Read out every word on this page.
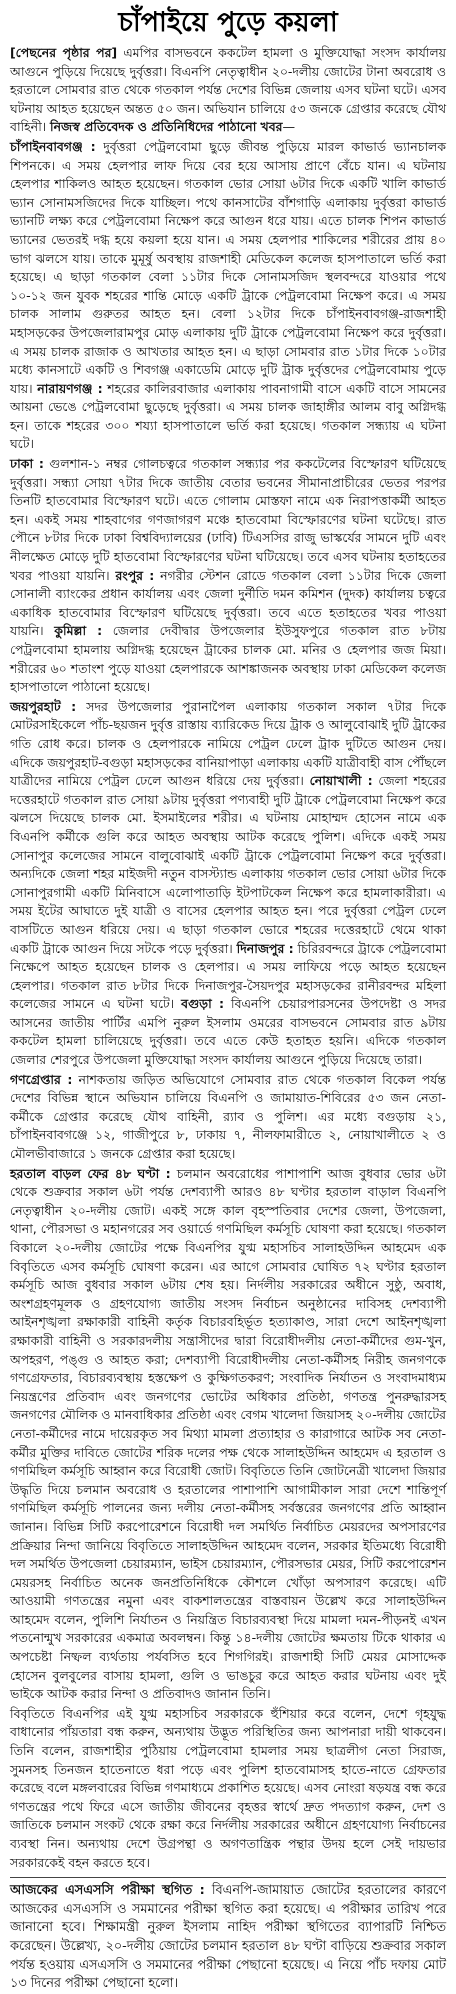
চাঁপাইয়ে পুড়ে কয়লা

[পেছনের পৃষ্ঠার পর] এমপির বাসভবনে ককটেল হামলা ও মুক্তিযোদ্ধা সংসদ কার্যালয় আগুনে পুড়িয়ে দিয়েছে দুর্বৃত্তরা। বিএনপি নেতৃত্বাধীন ২০-দলীয় জোটের টানা অবরোধ ও হরতালে সোমবার রাত থেকে গতকাল পর্যন্ত দেশের বিভিন্ন জেলায় এসব ঘটনা ঘটে। এসব ঘটনায় আহত হয়েছেন অন্তত ৫০ জন। অভিযান চালিয়ে ৫৩ জনকে গ্রেপ্তার করেছে যৌথ বাহিনী। নিজস্ব প্রতিবেদক ও প্রতিনিধিদের পাঠানো খবর—

চাঁপাইনবাবগঞ্জ : দুর্বৃত্তরা পেট্রলবোমা ছুড়ে জীবন্ত পুড়িয়ে মারল কাভার্ড ভ্যানচালক শিপনকে। এ সময় হেলপার লাফ দিয়ে বের হয়ে আসায় প্রাণে বেঁচে যান। এ ঘটনায় হেলপার শাকিলও আহত হয়েছেন। গতকাল ভোর সোয়া ৬টার দিকে একটি খালি কাভার্ড ভ্যান সোনামসজিদের দিকে যাচ্ছিল। পথে কানসাটের বাঁশগাড়ি এলাকায় দুর্বৃত্তরা কাভার্ড ভ্যানটি লক্ষ্য করে পেট্রলবোমা নিক্ষেপ করে আগুন ধরে যায়। এতে চালক শিপন কাভার্ড ভ্যানের ভেতরই দগ্ধ হয়ে কয়লা হয়ে যান। এ সময় হেলপার শাকিলের শরীরের প্রায় ৪০ ভাগ ঝলসে যায়। তাকে মুমূর্ষু অবস্থায় রাজশাহী মেডিকেল কলেজ হাসপাতালে ভর্তি করা হয়েছে। এ ছাড়া গতকাল বেলা ১১টার দিকে সোনামসজিদ স্থলবন্দরে যাওয়ার পথে ১০-১২ জন যুবক শহরের শান্তি মোড়ে একটি ট্রাকে পেট্রলবোমা নিক্ষেপ করে। এ সময় চালক সালাম গুরুতর আহত হন। বেলা ১২টার দিকে চাঁপাইনবাবগঞ্জ-রাজশাহী মহাসড়কের উপজেলারামপুর মোড় এলাকায় দুটি ট্রাকে পেট্রলবোমা নিক্ষেপ করে দুর্বৃত্তরা। এ সময় চালক রাজাক ও আখতার আহত হন। এ ছাড়া সোমবার রাত ১টার দিকে ১০টার মধ্যে কানসাটে একটি ও শিবগঞ্জ একাডেমি মোড়ে দুটি ট্রাক দুর্বৃত্তদের পেট্রলবোমায় পুড়ে যায়। নারায়ণগঞ্জ : শহরের কালিরবাজার এলাকায় পাবনাগামী বাসে একটি বাসে সামনের আয়না ভেঙে পেট্রলবোমা ছুড়েছে দুর্বৃত্তরা। এ সময় চালক জাহাঙ্গীর আলম বাবু অগ্নিদগ্ধ হন। তাকে শহরের ৩০০ শয্যা হাসপাতালে ভর্তি করা হয়েছে। গতকাল সন্ধ্যায় এ ঘটনা ঘটে।

ঢাকা : গুলশান-১ নম্বর গোলচত্বরে গতকাল সন্ধ্যার পর ককটেলের বিস্ফোরণ ঘটিয়েছে দুর্বৃত্তরা। সন্ধ্যা সোয়া ৭টার দিকে জাতীয় বেতার ভবনের সীমানাপ্রাচীরের ভেতর পরপর তিনটি হাতবোমার বিস্ফোরণ ঘটে। এতে গোলাম মোস্তফা নামে এক নিরাপত্তাকর্মী আহত হন। একই সময় শাহবাগের গণজাগরণ মঞ্চে হাতবোমা বিস্ফোরণের ঘটনা ঘটেছে। রাত পৌনে ৮টার দিকে ঢাকা বিশ্ববিদ্যালয়ের (ঢাবি) টিএসসির রাজু ভাস্কর্যের সামনে দুটি এবং নীলক্ষেত মোড়ে দুটি হাতবোমা বিস্ফোরণের ঘটনা ঘটিয়েছে। তবে এসব ঘটনায় হতাহতের খবর পাওয়া যায়নি। রংপুর : নগরীর স্টেশন রোডে গতকাল বেলা ১১টার দিকে জেলা সোনালী ব্যাংকের প্রধান কার্যালয় এবং জেলা দুর্নীতি দমন কমিশন (দুদক) কার্যালয় চত্বরে একাধিক হাতবোমার বিস্ফোরণ ঘটিয়েছে দুর্বৃত্তরা। তবে এতে হতাহতের খবর পাওয়া যায়নি। কুমিল্লা : জেলার দেবীদ্বার উপজেলার ইউসুফপুরে গতকাল রাত ৮টায় পেট্রলবোমা হামলায় অগ্নিদগ্ধ হয়েছেন ট্রাকের চালক মো. মনির ও হেলপার জজ মিয়া। শরীরের ৬০ শতাংশ পুড়ে যাওয়া হেলপারকে আশঙ্কাজনক অবস্থায় ঢাকা মেডিকেল কলেজ হাসপাতালে পাঠানো হয়েছে।

জয়পুরহাট : সদর উপজেলার পুরানাপৈল এলাকায় গতকাল সকাল ৭টার দিকে মোটরসাইকেলে পাঁচ-ছয়জন দুর্বৃত্ত রাস্তায় ব্যারিকেড দিয়ে ট্রাক ও আলুবোঝাই দুটি ট্রাকের গতি রোধ করে। চালক ও হেলপারকে নামিয়ে পেট্রল ঢেলে ট্রাক দুটিতে আগুন দেয়। এদিকে জয়পুরহাট-বগুড়া মহাসড়কের বানিয়াপাড়া এলাকায় একটি যাত্রীবাহী বাস পৌঁছলে যাত্রীদের নামিয়ে পেট্রল ঢেলে আগুন ধরিয়ে দেয় দুর্বৃত্তরা। নোয়াখালী : জেলা শহরের দত্তেরহাটে গতকাল রাত সোয়া ৯টায় দুর্বৃত্তরা পণ্যবাহী দুটি ট্রাকে পেট্রলবোমা নিক্ষেপ করে ঝলসে দিয়েছে চালক মো. ইসমাইলের শরীর। এ ঘটনায় মোহাম্মদ হোসেন নামে এক বিএনপি কর্মীকে গুলি করে আহত অবস্থায় আটক করেছে পুলিশ। এদিকে একই সময় সোনাপুর কলেজের সামনে বালুবোঝাই একটি ট্রাকে পেট্রলবোমা নিক্ষেপ করে দুর্বৃত্তরা। অন্যদিকে জেলা শহর মাইজদী নতুন বাসস্ট্যান্ড এলাকায় গতকাল ভোর সোয়া ৬টার দিকে সোনাপুরগামী একটি মিনিবাসে এলোপাতাড়ি ইটপাটকেল নিক্ষেপ করে হামলাকারীরা। এ সময় ইটের আঘাতে দুই যাত্রী ও বাসের হেলপার আহত হন। পরে দুর্বৃত্তরা পেট্রল ঢেলে বাসটিতে আগুন ধরিয়ে দেয়। এ ছাড়া গতকাল ভোরে শহরের দত্তেরহাটে থেমে থাকা একটি ট্রাকে আগুন দিয়ে সটকে পড়ে দুর্বৃত্তরা। দিনাজপুর : চিরিরবন্দরে ট্রাকে পেট্রলবোমা নিক্ষেপে আহত হয়েছেন চালক ও হেলপার। এ সময় লাফিয়ে পড়ে আহত হয়েছেন হেলপার। গতকাল রাত ৮টার দিকে দিনাজপুর-সৈয়দপুর মহাসড়কের রানীরবন্দর মহিলা কলেজের সামনে এ ঘটনা ঘটে। বগুড়া : বিএনপি চেয়ারপারসনের উপদেষ্টা ও সদর আসনের জাতীয় পার্টির এমপি নুরুল ইসলাম ওমরের বাসভবনে সোমবার রাত ৯টায় ককটেল হামলা চালিয়েছে দুর্বৃত্তরা। তবে এতে কেউ হতাহত হয়নি। এদিকে গতকাল জেলার শেরপুরে উপজেলা মুক্তিযোদ্ধা সংসদ কার্যালয় আগুনে পুড়িয়ে দিয়েছে তারা।

গণগ্রেপ্তার : নাশকতায় জড়িত অভিযোগে সোমবার রাত থেকে গতকাল বিকেল পর্যন্ত দেশের বিভিন্ন স্থানে অভিযান চালিয়ে বিএনপি ও জামায়াত-শিবিরের ৫৩ জন নেতা-কর্মীকে গ্রেপ্তার করেছে যৌথ বাহিনী, র‌্যাব ও পুলিশ। এর মধ্যে বগুড়ায় ২১, চাঁপাইনবাবগঞ্জে ১২, গাজীপুরে ৮, ঢাকায় ৭, নীলফামারীতে ২, নোয়াখালীতে ২ ও মৌলভীবাজারে ১ জনকে গ্রেপ্তার করা হয়েছে।

হরতাল বাড়ল ফের ৪৮ ঘণ্টা : চলমান অবরোধের পাশাপাশি আজ বুধবার ভোর ৬টা থেকে শুক্রবার সকাল ৬টা পর্যন্ত দেশব্যাপী আরও ৪৮ ঘণ্টার হরতাল বাড়াল বিএনপি নেতৃত্বাধীন ২০-দলীয় জোট। একই সঙ্গে কাল বৃহস্পতিবার দেশের জেলা, উপজেলা, থানা, পৌরসভা ও মহানগরের সব ওয়ার্ডে গণমিছিল কর্মসূচি ঘোষণা করা হয়েছে। গতকাল বিকালে ২০-দলীয় জোটের পক্ষে বিএনপির যুগ্ম মহাসচিব সালাহউদ্দিন আহমেদ এক বিবৃতিতে এসব কর্মসূচি ঘোষণা করেন। এর আগে সোমবার ঘোষিত ৭২ ঘণ্টার হরতাল কর্মসূচি আজ বুধবার সকাল ৬টায় শেষ হয়। নির্দলীয় সরকারের অধীনে সুষ্ঠু, অবাধ, অংশগ্রহণমূলক ও গ্রহণযোগ্য জাতীয় সংসদ নির্বাচন অনুষ্ঠানের দাবিসহ দেশব্যাপী আইনশৃঙ্খলা রক্ষাকারী বাহিনী কর্তৃক বিচারবহির্ভূত হত্যাকাণ্ড, সারা দেশে আইনশৃঙ্খলা রক্ষাকারী বাহিনী ও সরকারদলীয় সন্ত্রাসীদের দ্বারা বিরোধীদলীয় নেতা-কর্মীদের গুম-খুন, অপহরণ, পঙ্গু ও আহত করা; দেশব্যাপী বিরোধীদলীয় নেতা-কর্মীসহ নিরীহ জনগণকে গণগ্রেফতার, বিচারব্যবস্থায় হস্তক্ষেপ ও কুক্ষিগতকরণ; সংবাদিক নির্যাতন ও সংবাদমাধ্যম নিয়ন্ত্রণের প্রতিবাদ এবং জনগণের ভোটের অধিকার প্রতিষ্ঠা, গণতন্ত্র পুনরুদ্ধারসহ জনগণের মৌলিক ও মানবাধিকার প্রতিষ্ঠা এবং বেগম খালেদা জিয়াসহ ২০-দলীয় জোটের নেতা-কর্মীদের নামে দায়েরকৃত সব মিথ্যা মামলা প্রত্যাহার ও কারাগারে আটক সব নেতা-কর্মীর মুক্তির দাবিতে জোটের শরিক দলের পক্ষ থেকে সালাহউদ্দিন আহমেদ এ হরতাল ও গণমিছিল কর্মসূচি আহ্বান করে বিরোধী জোট। বিবৃতিতে তিনি জোটনেত্রী খালেদা জিয়ার উদ্ধৃতি দিয়ে চলমান অবরোধ ও হরতালের পাশাপাশি আগামীকাল সারা দেশে শান্তিপূর্ণ গণমিছিল কর্মসূচি পালনের জন্য দলীয় নেতা-কর্মীসহ সর্বস্তরের জনগণের প্রতি আহ্বান জানান। বিভিন্ন সিটি করপোরেশনে বিরোধী দল সমর্থিত নির্বাচিত মেয়রদের অপসারণের প্রক্রিয়ার নিন্দা জানিয়ে বিবৃতিতে সালাহউদ্দিন আহমেদ বলেন, সরকার ইতিমধ্যে বিরোধী দল সমর্থিত উপজেলা চেয়ারম্যান, ভাইস চেয়ারম্যান, পৌরসভার মেয়র, সিটি করপোরেশন মেয়রসহ নির্বাচিত অনেক জনপ্রতিনিধিকে কৌশলে খোঁড়া অপসারণ করেছে। এটি আওয়ামী গণতন্ত্রের নমুনা এবং বাকশালতন্ত্রের বাস্তবায়ন উল্লেখ করে সালাহউদ্দিন আহমেদ বলেন, পুলিশি নির্যাতন ও নিয়ন্ত্রিত বিচারব্যবস্থা দিয়ে মামলা দমন-পীড়নই এখন পতনোন্মুখ সরকারের একমাত্র অবলম্বন। কিন্তু ১৪-দলীয় জোটের ক্ষমতায় টিকে থাকার এ অপচেষ্টা নিষ্ফল ব্যর্থতায় পর্যবসিত হবে শিগগিরই। রাজশাহী সিটি মেয়র মোসাদ্দেক হোসেন বুলবুলের বাসায় হামলা, গুলি ও ভাঙচুর করে আহত করার ঘটনায় এবং দুই ভাইকে আটক করার নিন্দা ও প্রতিবাদও জানান তিনি।

বিবৃতিতে বিএনপির এই যুগ্ম মহাসচিব সরকারকে হুঁশিয়ার করে বলেন, দেশে গৃহযুদ্ধ বাধানোর পাঁয়তারা বন্ধ করুন, অন্যথায় উদ্ভূত পরিস্থিতির জন্য আপনারা দায়ী থাকবেন। তিনি বলেন, রাজশাহীর পুঠিয়ায় পেট্রলবোমা হামলার সময় ছাত্রলীগ নেতা সিরাজ, সুমনসহ তিনজন হাতেনাতে ধরা পড়ে এবং পুলিশ হাতবোমাসহ হাতে-নাতে গ্রেফতার করেছে বলে মঙ্গলবারের বিভিন্ন গণমাধ্যমে প্রকাশিত হয়েছে। এসব নোংরা ষড়যন্ত্র বন্ধ করে গণতন্ত্রের পথে ফিরে এসে জাতীয় জীবনের বৃহত্তর স্বার্থে দ্রুত পদত্যাগ করুন, দেশ ও জাতিকে চলমান সংকট থেকে রক্ষা করে নির্দলীয় সরকারের অধীনে গ্রহণযোগ্য নির্বাচনের ব্যবস্থা নিন। অন্যথায় দেশে উগ্রপন্থা ও অগণতান্ত্রিক পন্থার উদয় হলে সেই দায়ভার সরকারকেই বহন করতে হবে।

আজকের এসএসসি পরীক্ষা স্থগিত : বিএনপি-জামায়াত জোটের হরতালের কারণে আজকের এসএসসি ও সমমানের পরীক্ষা স্থগিত করা হয়েছে। এ পরীক্ষার তারিখ পরে জানানো হবে। শিক্ষামন্ত্রী নুরুল ইসলাম নাহিদ পরীক্ষা স্থগিতের ব্যাপারটি নিশ্চিত করেছেন। উল্লেখ্য, ২০-দলীয় জোটের চলমান হরতাল ৪৮ ঘণ্টা বাড়িয়ে শুক্রবার সকাল পর্যন্ত হওয়ায় এসএসসি ও সমমানের পরীক্ষা পেছানো হয়েছে। এ নিয়ে পাঁচ দফায় মোট ১৩ দিনের পরীক্ষা পেছানো হলো।
